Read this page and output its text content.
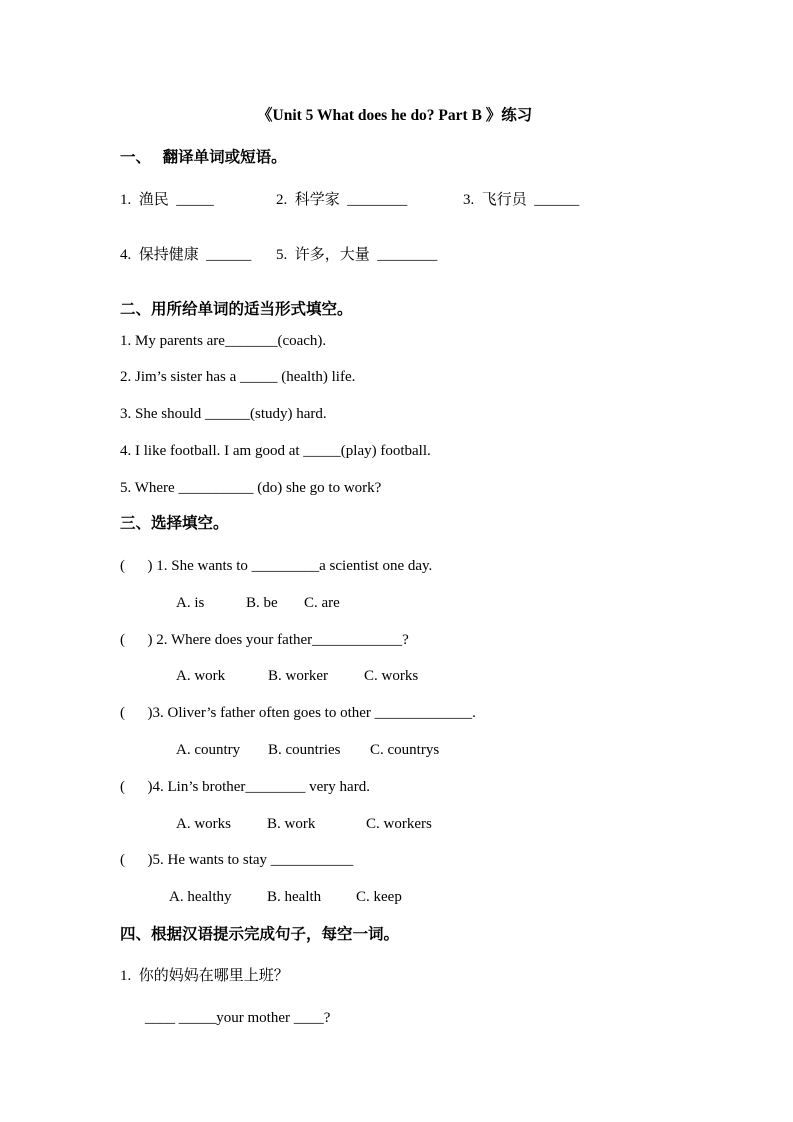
《Unit 5 What does he do? Part B 》练习
一、   翻译单词或短语。
1.  渔民  _____	2.  科学家  ________	3.  飞行员  ______
4.  保持健康  ______ 5.  许多，大量  ________
二、用所给单词的适当形式填空。
1. My parents are_______(coach).
2. Jim’s sister has a _____ (health) life.
3. She should ______(study) hard.
4. I like football. I am good at _____(play) football.
5. Where __________ (do) she go to work?
三、选择填空。
(      ) 1. She wants to _________a scientist one day.
A. is	B. be C. are
(      ) 2. Where does your father____________?
A. work	B. worker C. works
(      )3. Oliver’s father often goes to other _____________.
A. country B. countries C. countrys
(      )4. Lin’s brother________ very hard.
A. works B. work	C. workers
(      )5. He wants to stay ___________
A. healthy B. health C. keep
四、根据汉语提示完成句子，每空一词。
1.  你的妈妈在哪里上班？
____ _____your mother ____?
